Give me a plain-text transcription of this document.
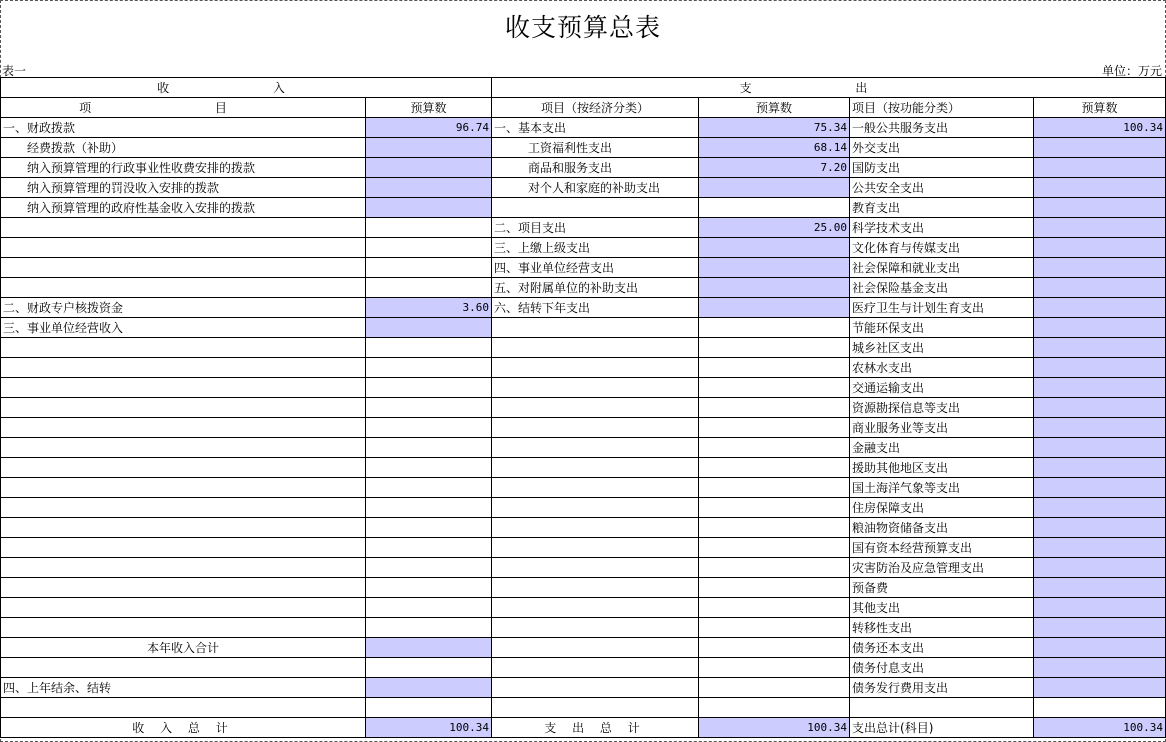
收支预算总表
表一	单位：万元
收 入		支 出			
项 目	预算数	项目（按经济分类）	预算数	项目（按功能分类）	预算数
一、财政拨款	96.74	一、基本支出	75.34	一般公共服务支出	100.34
经费拨款（补助）		工资福利性支出	68.14	外交支出	
纳入预算管理的行政事业性收费安排的拨款		商品和服务支出	7.20	国防支出	
纳入预算管理的罚没收入安排的拨款		对个人和家庭的补助支出		公共安全支出	
纳入预算管理的政府性基金收入安排的拨款				教育支出	
		二、项目支出	25.00	科学技术支出	
		三、上缴上级支出		文化体育与传媒支出	
		四、事业单位经营支出		社会保障和就业支出	
		五、对附属单位的补助支出		社会保险基金支出	
二、财政专户核拨资金	3.60	六、结转下年支出		医疗卫生与计划生育支出	
三、事业单位经营收入				节能环保支出	
				城乡社区支出	
				农林水支出	
				交通运输支出	
				资源勘探信息等支出	
				商业服务业等支出	
				金融支出	
				援助其他地区支出	
				国土海洋气象等支出	
				住房保障支出	
				粮油物资储备支出	
				国有资本经营预算支出	
				灾害防治及应急管理支出	
				预备费	
				其他支出	
				转移性支出	
本年收入合计				债务还本支出	
				债务付息支出	
四、上年结余、结转				债务发行费用支出	

收 入 总 计	100.34	支 出 总 计	100.34	支出总计(科目)	100.34
